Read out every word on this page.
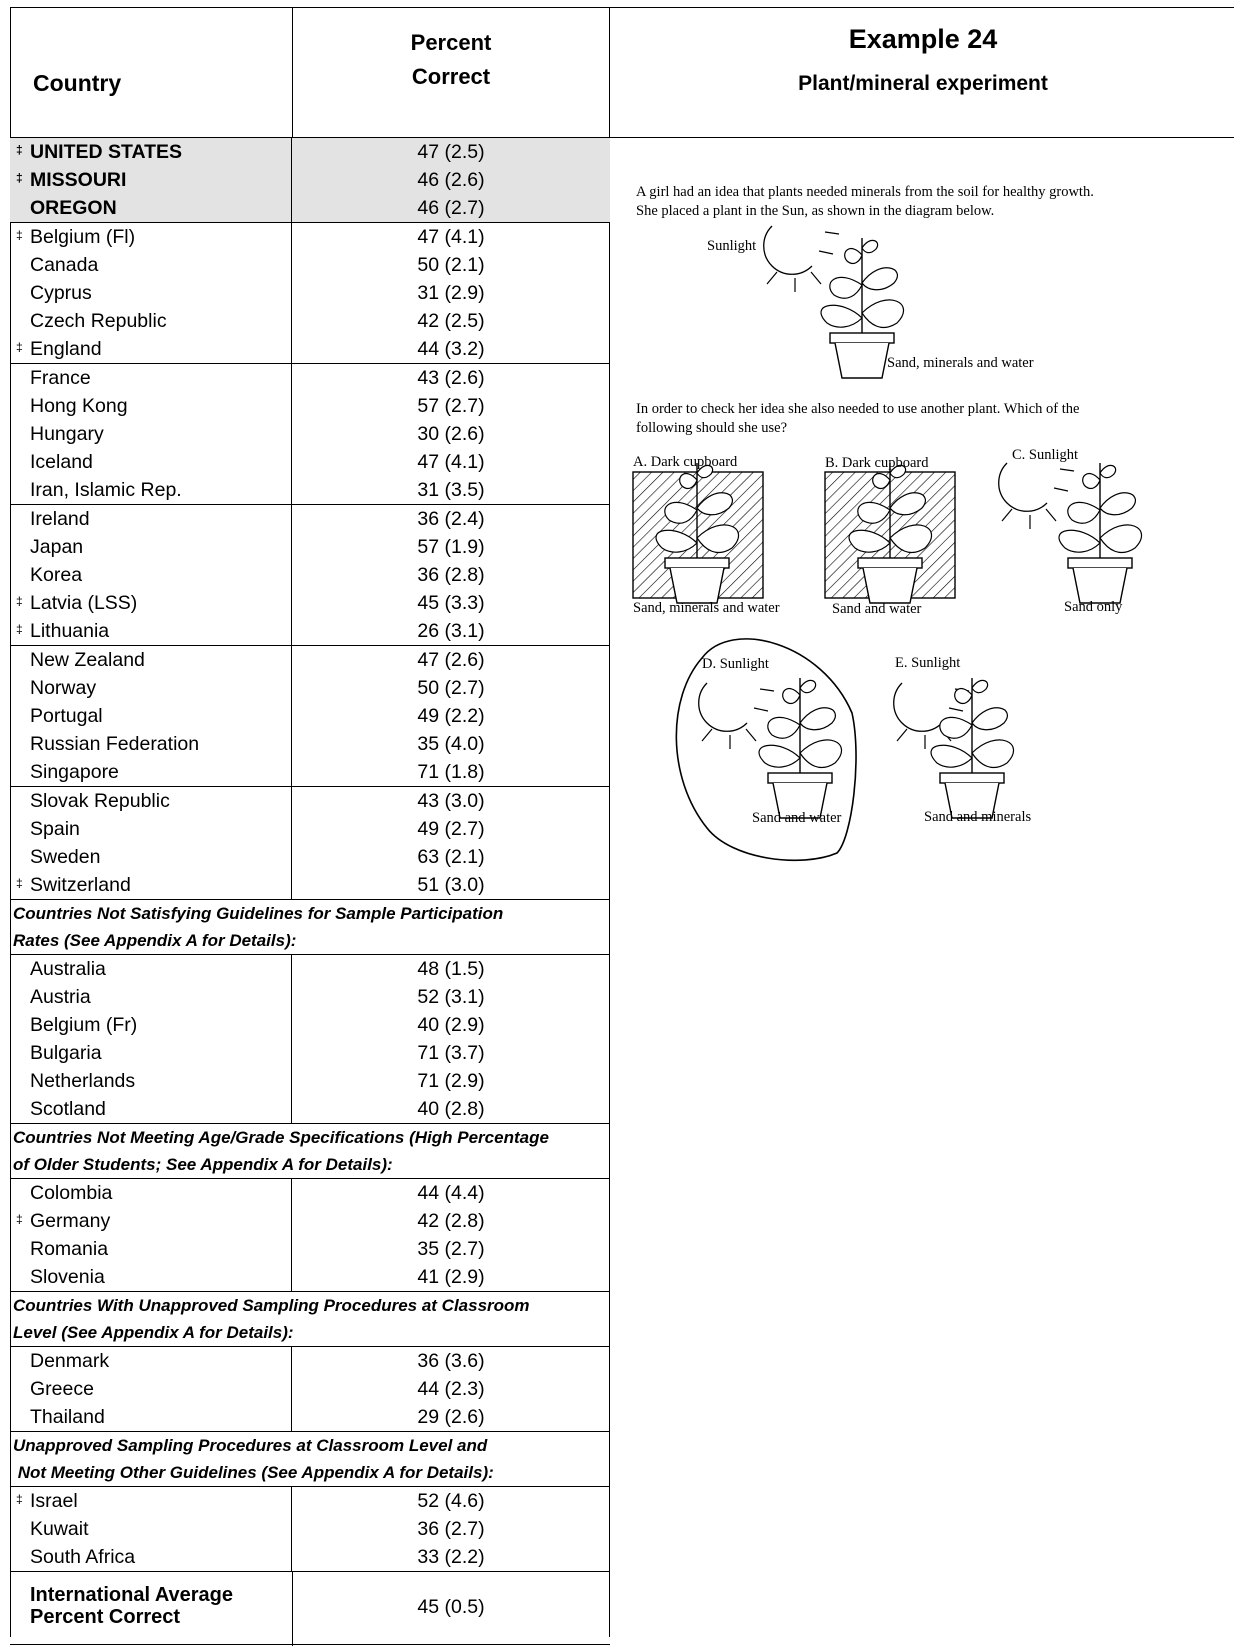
Country
Percent
Correct
Example 24
Plant/mineral experiment
‡ UNITED STATES	47 (2.5)
‡ MISSOURI	46 (2.6)
OREGON	46 (2.7)
‡ Belgium (Fl)	47 (4.1)
Canada	50 (2.1)
Cyprus	31 (2.9)
Czech Republic	42 (2.5)
‡ England	44 (3.2)
France	43 (2.6)
Hong Kong	57 (2.7)
Hungary	30 (2.6)
Iceland	47 (4.1)
Iran, Islamic Rep.	31 (3.5)
Ireland	36 (2.4)
Japan	57 (1.9)
Korea	36 (2.8)
‡ Latvia (LSS)	45 (3.3)
‡ Lithuania	26 (3.1)
New Zealand	47 (2.6)
Norway	50 (2.7)
Portugal	49 (2.2)
Russian Federation	35 (4.0)
Singapore	71 (1.8)
Slovak Republic	43 (3.0)
Spain	49 (2.7)
Sweden	63 (2.1)
‡ Switzerland	51 (3.0)
Countries Not Satisfying Guidelines for Sample Participation
Rates (See Appendix A for Details):
Australia	48 (1.5)
Austria	52 (3.1)
Belgium (Fr)	40 (2.9)
Bulgaria	71 (3.7)
Netherlands	71 (2.9)
Scotland	40 (2.8)
Countries Not Meeting Age/Grade Specifications (High Percentage
of Older Students; See Appendix A for Details):
Colombia	44 (4.4)
‡ Germany	42 (2.8)
Romania	35 (2.7)
Slovenia	41 (2.9)
Countries With Unapproved Sampling Procedures at Classroom
Level (See Appendix A for Details):
Denmark	36 (3.6)
Greece	44 (2.3)
Thailand	29 (2.6)
Unapproved Sampling Procedures at Classroom Level and
Not Meeting Other Guidelines (See Appendix A for Details):
‡ Israel	52 (4.6)
Kuwait	36 (2.7)
South Africa	33 (2.2)
International Average
Percent Correct	45 (0.5)
A girl had an idea that plants needed minerals from the soil for healthy growth.
She placed a plant in the Sun, as shown in the diagram below.
Sunlight
Sand, minerals and water
In order to check her idea she also needed to use another plant. Which of the
following should she use?
A. Dark cupboard
Sand, minerals and water
B. Dark cupboard
Sand and water
C. Sunlight
Sand only
D. Sunlight
Sand and water
E. Sunlight
Sand and minerals
